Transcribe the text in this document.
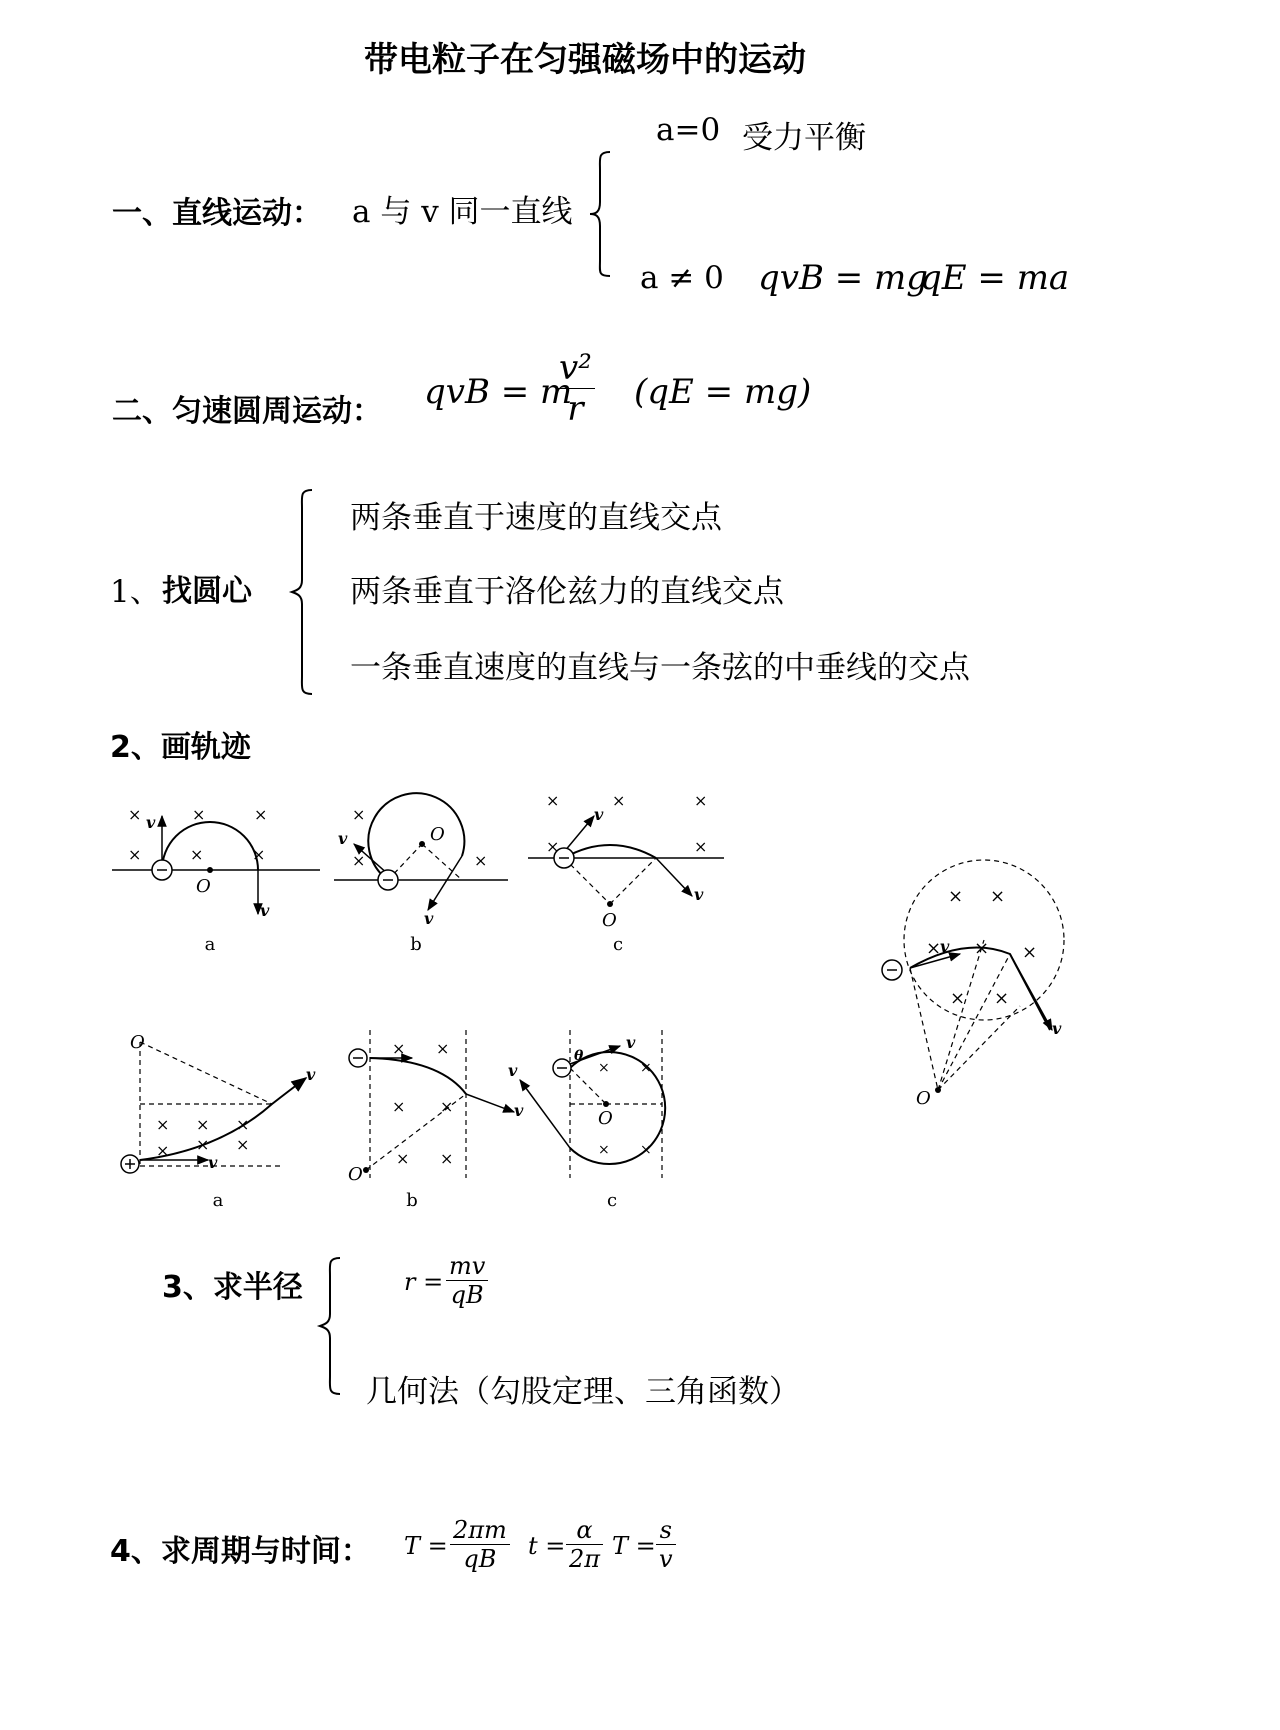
带电粒子在匀强磁场中的运动
一、直线运动： a 与 v 同一直线
a=0 受力平衡
a ≠ 0 qvB = mg
qE = ma
二、匀速圆周运动： qvB = m
v²
r (qE = mg)
1、 找圆心
两条垂直于速度的直线交点
两条垂直于洛伦兹力的直线交点
一条垂直速度的直线与一条弦的中垂线的交点
2、画轨迹
O
v
v
×	×	×
×	×	×
a
O
v
v
×
×	×
b
O
v
v
×	×	×
×	×
c
O
v
v
× ×
× × ×
× ×
O
v
v
× × ×
× × ×
a
O
v
× ×
× ×
× ×
b
O
θ
v
v	× ×
× ×
c
3、求半径	r =
mv
qB
几何法（勾股定理、三角函数）
4、求周期与时间： T =
2πm
qB t =
α
2π T =
s
v
